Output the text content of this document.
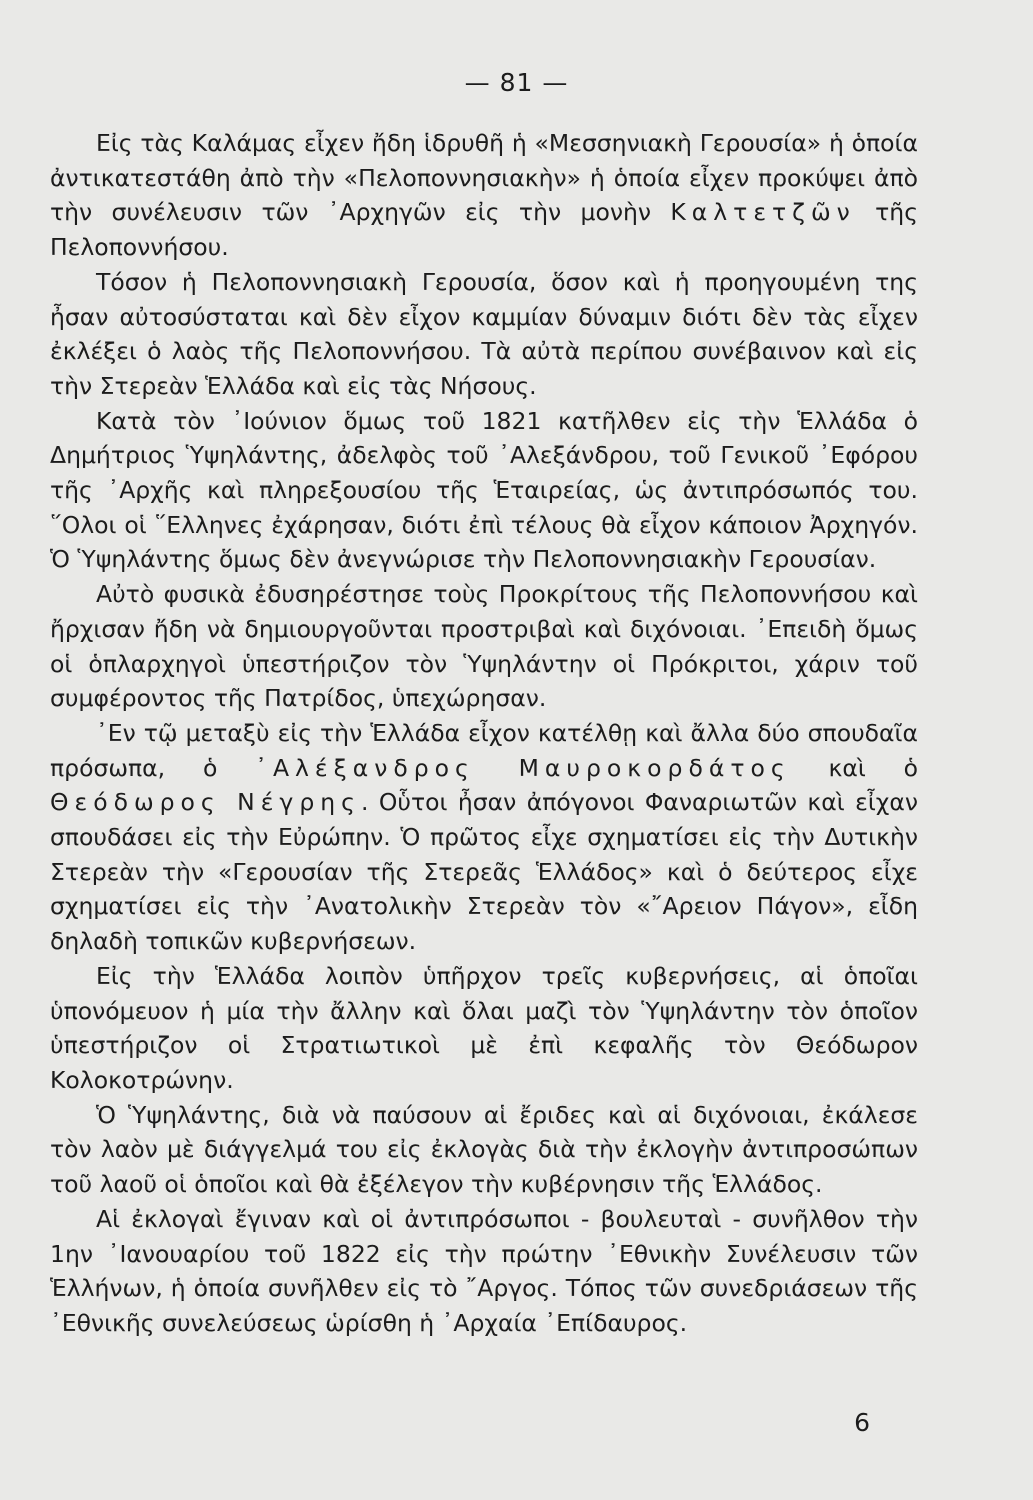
— 81 —

Εἰς τὰς Καλάμας εἶχεν ἤδη ἱδρυθῆ ἡ «Μεσσηνιακὴ Γερουσία» ἡ ὁποία ἀντικατεστάθη ἀπὸ τὴν «Πελοποννησιακὴν» ἡ ὁποία εἶχεν προκύψει ἀπὸ τὴν συνέλευσιν τῶν ᾿Αρχηγῶν εἰς τὴν μονὴν Καλτετζῶν τῆς Πελοποννήσου.

Τόσον ἡ Πελοποννησιακὴ Γερουσία, ὅσον καὶ ἡ προηγουμένη της ἦσαν αὐτοσύσταται καὶ δὲν εἶχον καμμίαν δύναμιν διότι δὲν τὰς εἶχεν ἐκλέξει ὁ λαὸς τῆς Πελοποννήσου. Τὰ αὐτὰ περίπου συνέβαινον καὶ εἰς τὴν Στερεὰν Ἑλλάδα καὶ εἰς τὰς Νήσους.

Κατὰ τὸν ᾿Ιούνιον ὅμως τοῦ 1821 κατῆλθεν εἰς τὴν Ἑλλάδα ὁ Δημήτριος Ὑψηλάντης, ἀδελφὸς τοῦ ᾿Αλεξάνδρου, τοῦ Γενικοῦ ᾿Εφόρου τῆς ᾿Αρχῆς καὶ πληρεξουσίου τῆς Ἑταιρείας, ὡς ἀντιπρόσωπός του. ῞Ολοι οἱ ῞Ελληνες ἐχάρησαν, διότι ἐπὶ τέλους θὰ εἶχον κάποιον Ἀρχηγόν. Ὁ Ὑψηλάντης ὅμως δὲν ἀνεγνώρισε τὴν Πελοποννησιακὴν Γερουσίαν.

Αὐτὸ φυσικὰ ἐδυσηρέστησε τοὺς Προκρίτους τῆς Πελοποννήσου καὶ ἤρχισαν ἤδη νὰ δημιουργοῦνται προστριβαὶ καὶ διχόνοιαι. ᾿Επειδὴ ὅμως οἱ ὁπλαρχηγοὶ ὑπεστήριζον τὸν Ὑψηλάντην οἱ Πρόκριτοι, χάριν τοῦ συμφέροντος τῆς Πατρίδος, ὑπεχώρησαν.

᾿Εν τῷ μεταξὺ εἰς τὴν Ἑλλάδα εἶχον κατέλθῃ καὶ ἄλλα δύο σπουδαῖα πρόσωπα, ὁ ᾿Αλέξανδρος Μαυροκορδάτος καὶ ὁ Θεόδωρος Νέγρης. Οὗτοι ἦσαν ἀπόγονοι Φαναριωτῶν καὶ εἶχαν σπουδάσει εἰς τὴν Εὐρώπην. Ὁ πρῶτος εἶχε σχηματίσει εἰς τὴν Δυτικὴν Στερεὰν τὴν «Γερουσίαν τῆς Στερεᾶς Ἑλλάδος» καὶ ὁ δεύτερος εἶχε σχηματίσει εἰς τὴν ᾿Ανατολικὴν Στερεὰν τὸν «῎Αρειον Πάγον», εἶδη δηλαδὴ τοπικῶν κυβερνήσεων.

Εἰς τὴν Ἑλλάδα λοιπὸν ὑπῆρχον τρεῖς κυβερνήσεις, αἱ ὁποῖαι ὑπονόμευον ἡ μία τὴν ἄλλην καὶ ὅλαι μαζὶ τὸν Ὑψηλάντην τὸν ὁποῖον ὑπεστήριζον οἱ Στρατιωτικοὶ μὲ ἐπὶ κεφαλῆς τὸν Θεόδωρον Κολοκοτρώνην.

Ὁ Ὑψηλάντης, διὰ νὰ παύσουν αἱ ἔριδες καὶ αἱ διχόνοιαι, ἐκάλεσε τὸν λαὸν μὲ διάγγελμά του εἰς ἐκλογὰς διὰ τὴν ἐκλογὴν ἀντιπροσώπων τοῦ λαοῦ οἱ ὁποῖοι καὶ θὰ ἐξέλεγον τὴν κυβέρνησιν τῆς Ἑλλάδος.

Αἱ ἐκλογαὶ ἔγιναν καὶ οἱ ἀντιπρόσωποι - βουλευταὶ - συνῆλθον τὴν 1ην ᾿Ιανουαρίου τοῦ 1822 εἰς τὴν πρώτην ᾿Εθνικὴν Συνέλευσιν τῶν Ἑλλήνων, ἡ ὁποία συνῆλθεν εἰς τὸ ῎Αργος. Τόπος τῶν συνεδριάσεων τῆς ᾿Εθνικῆς συνελεύσεως ὡρίσθη ἡ ᾿Αρχαία ᾿Επίδαυρος.

6
